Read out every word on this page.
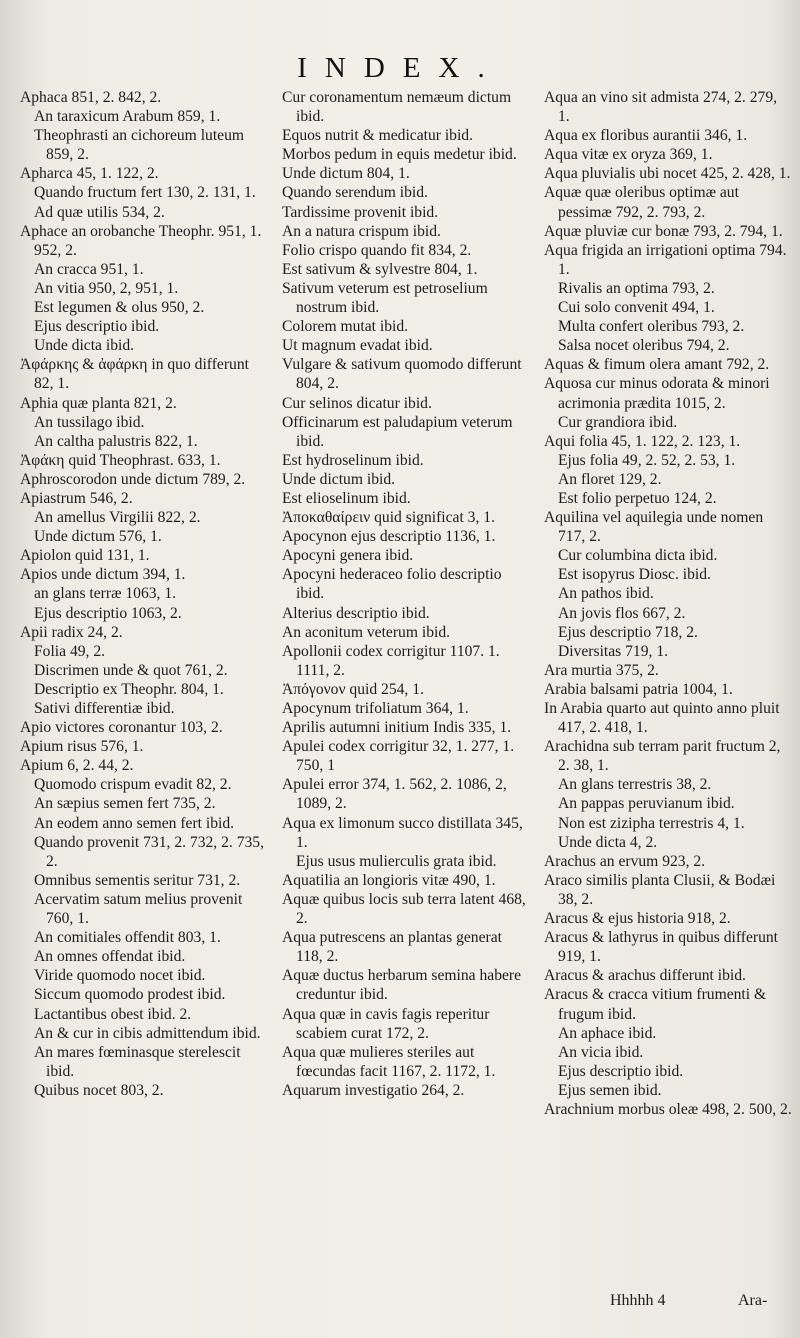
INDEX.

Aphaca 851, 2. 842, 2.

An taraxicum Arabum 859, 1.

Theophrasti an cichoreum luteum 859, 2.

Apharca 45, 1. 122, 2.

Quando fructum fert 130, 2. 131, 1.

Ad quæ utilis 534, 2.

Aphace an orobanche Theophr. 951, 1. 952, 2.

An cracca 951, 1.

An vitia 950, 2, 951, 1.

Est legumen & olus 950, 2.

Ejus descriptio ibid.

Unde dicta ibid.

Ἀφάρκης & ἀφάρκη in quo differunt 82, 1.

Aphia quæ planta 821, 2.

An tussilago ibid.

An caltha palustris 822, 1.

Ἀφάκη quid Theophrast. 633, 1.

Aphroscorodon unde dictum 789, 2.

Apiastrum 546, 2.

An amellus Virgilii 822, 2.

Unde dictum 576, 1.

Apiolon quid 131, 1.

Apios unde dictum 394, 1.

an glans terræ 1063, 1.

Ejus descriptio 1063, 2.

Apii radix 24, 2.

Folia 49, 2.

Discrimen unde & quot 761, 2.

Descriptio ex Theophr. 804, 1.

Sativi differentiæ ibid.

Apio victores coronantur 103, 2.

Apium risus 576, 1.

Apium 6, 2. 44, 2.

Quomodo crispum evadit 82, 2.

An sæpius semen fert 735, 2.

An eodem anno semen fert ibid.

Quando provenit 731, 2. 732, 2. 735, 2.

Omnibus sementis seritur 731, 2.

Acervatim satum melius provenit 760, 1.

An comitiales offendit 803, 1.

An omnes offendat ibid.

Viride quomodo nocet ibid.

Siccum quomodo prodest ibid.

Lactantibus obest ibid. 2.

An & cur in cibis admittendum ibid.

An mares fœminasque sterelescit ibid.

Quibus nocet 803, 2.

Cur coronamentum nemæum dictum ibid.

Equos nutrit & medicatur ibid.

Morbos pedum in equis medetur ibid.

Unde dictum 804, 1.

Quando serendum ibid.

Tardissime provenit ibid.

An a natura crispum ibid.

Folio crispo quando fit 834, 2.

Est sativum & sylvestre 804, 1.

Sativum veterum est petroselium nostrum ibid.

Colorem mutat ibid.

Ut magnum evadat ibid.

Vulgare & sativum quomodo differunt 804, 2.

Cur selinos dicatur ibid.

Officinarum est paludapium veterum ibid.

Est hydroselinum ibid.

Unde dictum ibid.

Est elioselinum ibid.

Ἀποκαθαίρειν quid significat 3, 1.

Apocynon ejus descriptio 1136, 1.

Apocyni genera ibid.

Apocyni hederaceo folio descriptio ibid.

Alterius descriptio ibid.

An aconitum veterum ibid.

Apollonii codex corrigitur 1107. 1. 1111, 2.

Ἀπόγονον quid 254, 1.

Apocynum trifoliatum 364, 1.

Aprilis autumni initium Indis 335, 1.

Apulei codex corrigitur 32, 1. 277, 1. 750, 1

Apulei error 374, 1. 562, 2. 1086, 2, 1089, 2.

Aqua ex limonum succo distillata 345, 1.

Ejus usus mulierculis grata ibid.

Aquatilia an longioris vitæ 490, 1.

Aquæ quibus locis sub terra latent 468, 2.

Aqua putrescens an plantas generat 118, 2.

Aquæ ductus herbarum semina habere creduntur ibid.

Aqua quæ in cavis fagis reperitur scabiem curat 172, 2.

Aqua quæ mulieres steriles aut fœcundas facit 1167, 2. 1172, 1.

Aquarum investigatio 264, 2.

Aqua an vino sit admista 274, 2. 279, 1.

Aqua ex floribus aurantii 346, 1.

Aqua vitæ ex oryza 369, 1.

Aqua pluvialis ubi nocet 425, 2. 428, 1.

Aquæ quæ oleribus optimæ aut pessimæ 792, 2. 793, 2.

Aquæ pluviæ cur bonæ 793, 2. 794, 1.

Aqua frigida an irrigationi optima 794. 1.

Rivalis an optima 793, 2.

Cui solo convenit 494, 1.

Multa confert oleribus 793, 2.

Salsa nocet oleribus 794, 2.

Aquas & fimum olera amant 792, 2.

Aquosa cur minus odorata & minori acrimonia prædita 1015, 2.

Cur grandiora ibid.

Aqui folia 45, 1. 122, 2. 123, 1.

Ejus folia 49, 2. 52, 2. 53, 1.

An floret 129, 2.

Est folio perpetuo 124, 2.

Aquilina vel aquilegia unde nomen 717, 2.

Cur columbina dicta ibid.

Est isopyrus Diosc. ibid.

An pathos ibid.

An jovis flos 667, 2.

Ejus descriptio 718, 2.

Diversitas 719, 1.

Ara murtia 375, 2.

Arabia balsami patria 1004, 1.

In Arabia quarto aut quinto anno pluit 417, 2. 418, 1.

Arachidna sub terram parit fructum 2, 2. 38, 1.

An glans terrestris 38, 2.

An pappas peruvianum ibid.

Non est zizipha terrestris 4, 1.

Unde dicta 4, 2.

Arachus an ervum 923, 2.

Araco similis planta Clusii, & Bodæi 38, 2.

Aracus & ejus historia 918, 2.

Aracus & lathyrus in quibus differunt 919, 1.

Aracus & arachus differunt ibid.

Aracus & cracca vitium frumenti & frugum ibid.

An aphace ibid.

An vicia ibid.

Ejus descriptio ibid.

Ejus semen ibid.

Arachnium morbus oleæ 498, 2. 500, 2.

Hhhhh 4	Ara-
